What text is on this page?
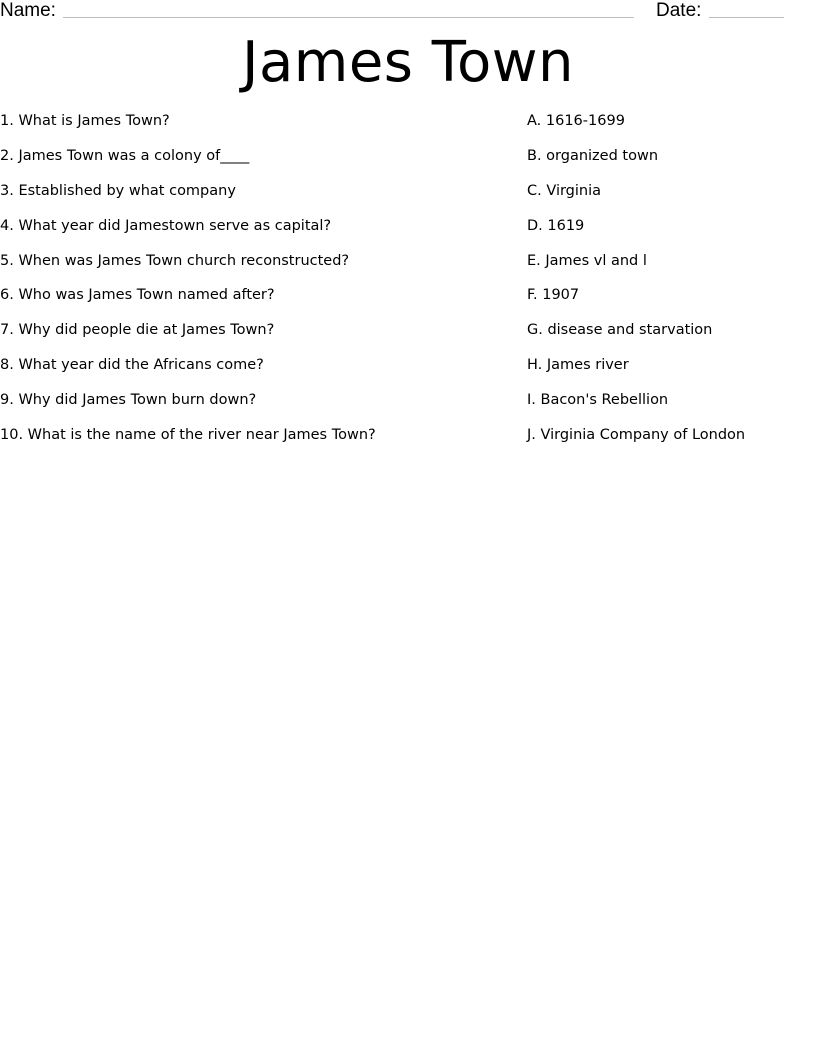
Name:	Date:
James Town
1. What is James Town?
2. James Town was a colony of____
3. Established by what company
4. What year did Jamestown serve as capital?
5. When was James Town church reconstructed?
6. Who was James Town named after?
7. Why did people die at James Town?
8. What year did the Africans come?
9. Why did James Town burn down?
10. What is the name of the river near James Town?
A. 1616-1699
B. organized town
C. Virginia
D. 1619
E. James vl and l
F. 1907
G. disease and starvation
H. James river
I. Bacon's Rebellion
J. Virginia Company of London
